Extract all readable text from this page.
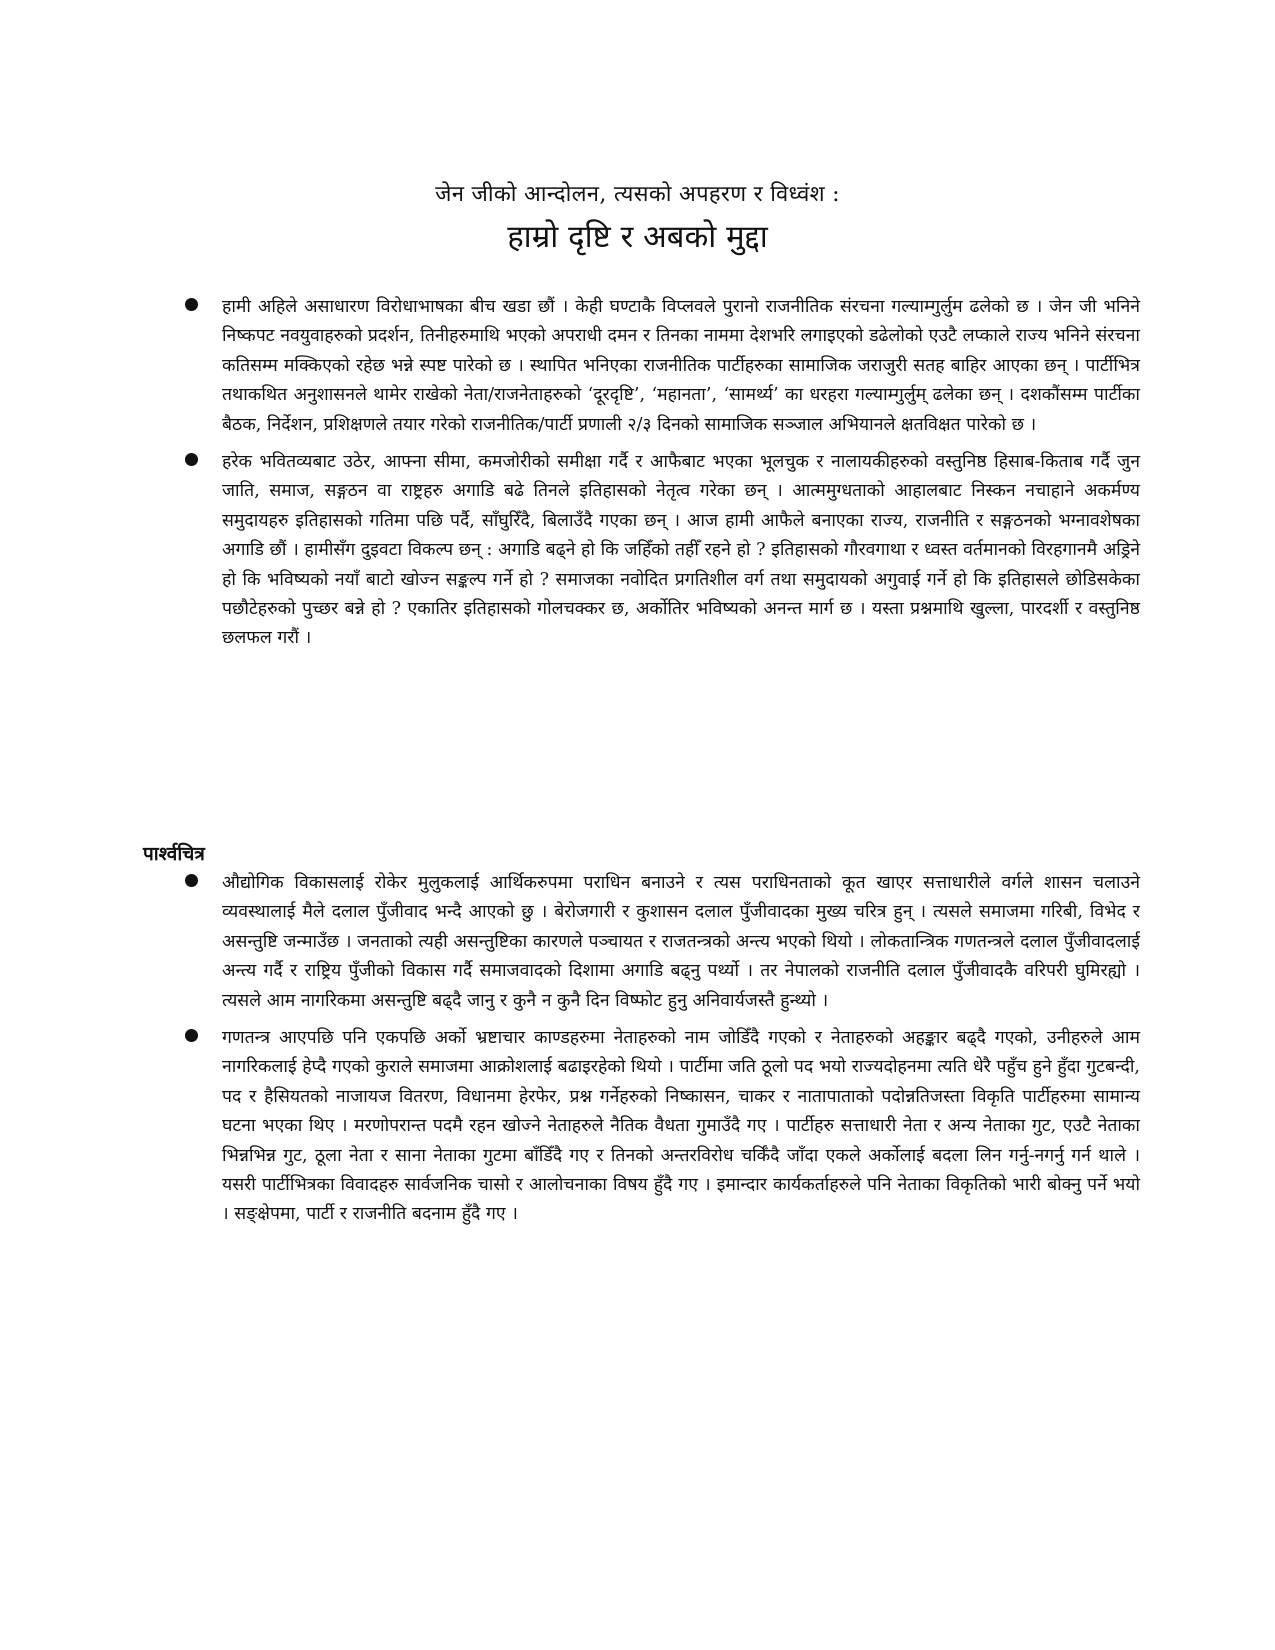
जेन जीको आन्दोलन, त्यसको अपहरण र विध्वंश :
हाम्रो दृष्टि र अबको मुद्दा

हामी अहिले असाधारण विरोधाभाषका बीच खडा छौं । केही घण्टाकै विप्लवले पुरानो राजनीतिक संरचना गल्याम्गुर्लुम ढलेको छ । जेन जी भनिने निष्कपट नवयुवाहरुको प्रदर्शन, तिनीहरुमाथि भएको अपराधी दमन र तिनका नाममा देशभरि लगाइएको डढेलोको एउटै लप्काले राज्य भनिने संरचना कतिसम्म मक्किएको रहेछ भन्ने स्पष्ट पारेको छ । स्थापित भनिएका राजनीतिक पार्टीहरुका सामाजिक जराजुरी सतह बाहिर आएका छन् । पार्टीभित्र तथाकथित अनुशासनले थामेर राखेको नेता/राजनेताहरुको ‘दूरदृष्टि’, ‘महानता’, ‘सामर्थ्य’ का धरहरा गल्याम्गुर्लुम् ढलेका छन् । दशकौंसम्म पार्टीका बैठक, निर्देशन, प्रशिक्षणले तयार गरेको राजनीतिक/पार्टी प्रणाली २/३ दिनको सामाजिक सञ्जाल अभियानले क्षतविक्षत पारेको छ ।

हरेक भवितव्यबाट उठेर, आफ्ना सीमा, कमजोरीको समीक्षा गर्दै र आफैबाट भएका भूलचुक र नालायकीहरुको वस्तुनिष्ठ हिसाब-किताब गर्दै जुन जाति, समाज, सङ्गठन वा राष्ट्रहरु अगाडि बढे तिनले इतिहासको नेतृत्व गरेका छन् । आत्ममुग्धताको आहालबाट निस्कन नचाहाने अकर्मण्य समुदायहरु इतिहासको गतिमा पछि पर्दै, साँघुरिँदै, बिलाउँदै गएका छन् । आज हामी आफैले बनाएका राज्य, राजनीति र सङ्गठनको भग्नावशेषका अगाडि छौं । हामीसँग दुइवटा विकल्प छन् : अगाडि बढ्ने हो कि जहिँको तहीँ रहने हो ? इतिहासको गौरवगाथा र ध्वस्त वर्तमानको विरहगानमै अड्रिने हो कि भविष्यको नयाँ बाटो खोज्न सङ्कल्प गर्ने हो ? समाजका नवोदित प्रगतिशील वर्ग तथा समुदायको अगुवाई गर्ने हो कि इतिहासले छोडिसकेका पछौटेहरुको पुच्छर बन्ने हो ? एकातिर इतिहासको गोलचक्कर छ, अर्कोतिर भविष्यको अनन्त मार्ग छ । यस्ता प्रश्नमाथि खुल्ला, पारदर्शी र वस्तुनिष्ठ छलफल गरौं ।

पार्श्वचित्र

औद्योगिक विकासलाई रोकेर मुलुकलाई आर्थिकरुपमा पराधिन बनाउने र त्यस पराधिनताको कूत खाएर सत्ताधारीले वर्गले शासन चलाउने व्यवस्थालाई मैले दलाल पुँजीवाद भन्दै आएको छु । बेरोजगारी र कुशासन दलाल पुँजीवादका मुख्य चरित्र हुन् । त्यसले समाजमा गरिबी, विभेद र असन्तुष्टि जन्माउँछ । जनताको त्यही असन्तुष्टिका कारणले पञ्चायत र राजतन्त्रको अन्त्य भएको थियो । लोकतान्त्रिक गणतन्त्रले दलाल पुँजीवादलाई अन्त्य गर्दै र राष्ट्रिय पुँजीको विकास गर्दै समाजवादको दिशामा अगाडि बढ्नु पर्थ्यो । तर नेपालको राजनीति दलाल पुँजीवादकै वरिपरी घुमिरह्यो । त्यसले आम नागरिकमा असन्तुष्टि बढ्दै जानु र कुनै न कुनै दिन विष्फोट हुनु अनिवार्यजस्तै हुन्थ्यो ।

गणतन्त्र आएपछि पनि एकपछि अर्को भ्रष्टाचार काण्डहरुमा नेताहरुको नाम जोडिँदै गएको र नेताहरुको अहङ्कार बढ्दै गएको, उनीहरुले आम नागरिकलाई हेप्दै गएको कुराले समाजमा आक्रोशलाई बढाइरहेको थियो । पार्टीमा जति ठूलो पद भयो राज्यदोहनमा त्यति धेरै पहुँच हुने हुँदा गुटबन्दी, पद र हैसियतको नाजायज वितरण, विधानमा हेरफेर, प्रश्न गर्नेहरुको निष्कासन, चाकर र नातापाताको पदोन्नतिजस्ता विकृति पार्टीहरुमा सामान्य घटना भएका थिए । मरणोपरान्त पदमै रहन खोज्ने नेताहरुले नैतिक वैधता गुमाउँदै गए । पार्टीहरु सत्ताधारी नेता र अन्य नेताका गुट, एउटै नेताका भिन्नभिन्न गुट, ठूला नेता र साना नेताका गुटमा बाँडिँदै गए र तिनको अन्तरविरोध चर्किँदै जाँदा एकले अर्कोलाई बदला लिन गर्नु-नगर्नु गर्न थाले । यसरी पार्टीभित्रका विवादहरु सार्वजनिक चासो र आलोचनाका विषय हुँदै गए । इमान्दार कार्यकर्ताहरुले पनि नेताका विकृतिको भारी बोक्नु पर्ने भयो । सङ्क्षेपमा, पार्टी र राजनीति बदनाम हुँदै गए ।
